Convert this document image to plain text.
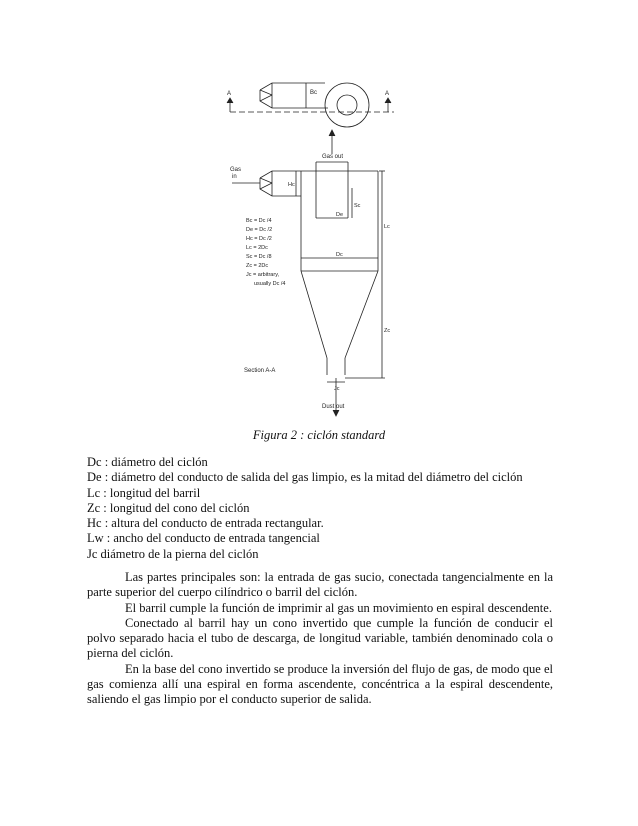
A	A
Bc
Gas out
Gas
in
Hc
Sc
De
Dc
Lc
Zc
Jc
Dust out
Section A-A
Bc = Dc /4
De = Dc /2
Hc = Dc /2
Lc = 2Dc
Sc = Dc /8
Zc = 2Dc
Jc = arbitrary,
usually Dc /4
Figura 2 : ciclón standard
Dc : diámetro del ciclón
De : diámetro del conducto de salida del gas limpio, es la mitad del diámetro del ciclón
Lc : longitud del barril
Zc : longitud del cono del ciclón
Hc : altura del conducto de entrada rectangular.
Lw : ancho del conducto de entrada tangencial
Jc diámetro de la pierna del ciclón

Las partes principales son: la entrada de gas sucio, conectada tangencialmente en la parte superior del cuerpo cilíndrico o barril del ciclón.

El barril cumple la función de imprimir al gas un movimiento en espiral descendente.

Conectado al barril hay un cono invertido que cumple la función de conducir el polvo separado hacia el tubo de descarga, de longitud variable, también denominado cola o pierna del ciclón.

En la base del cono invertido se produce la inversión del flujo de gas, de modo que el gas comienza allí una espiral en forma ascendente, concéntrica a la espiral descendente, saliendo el gas limpio por el conducto superior de salida.
